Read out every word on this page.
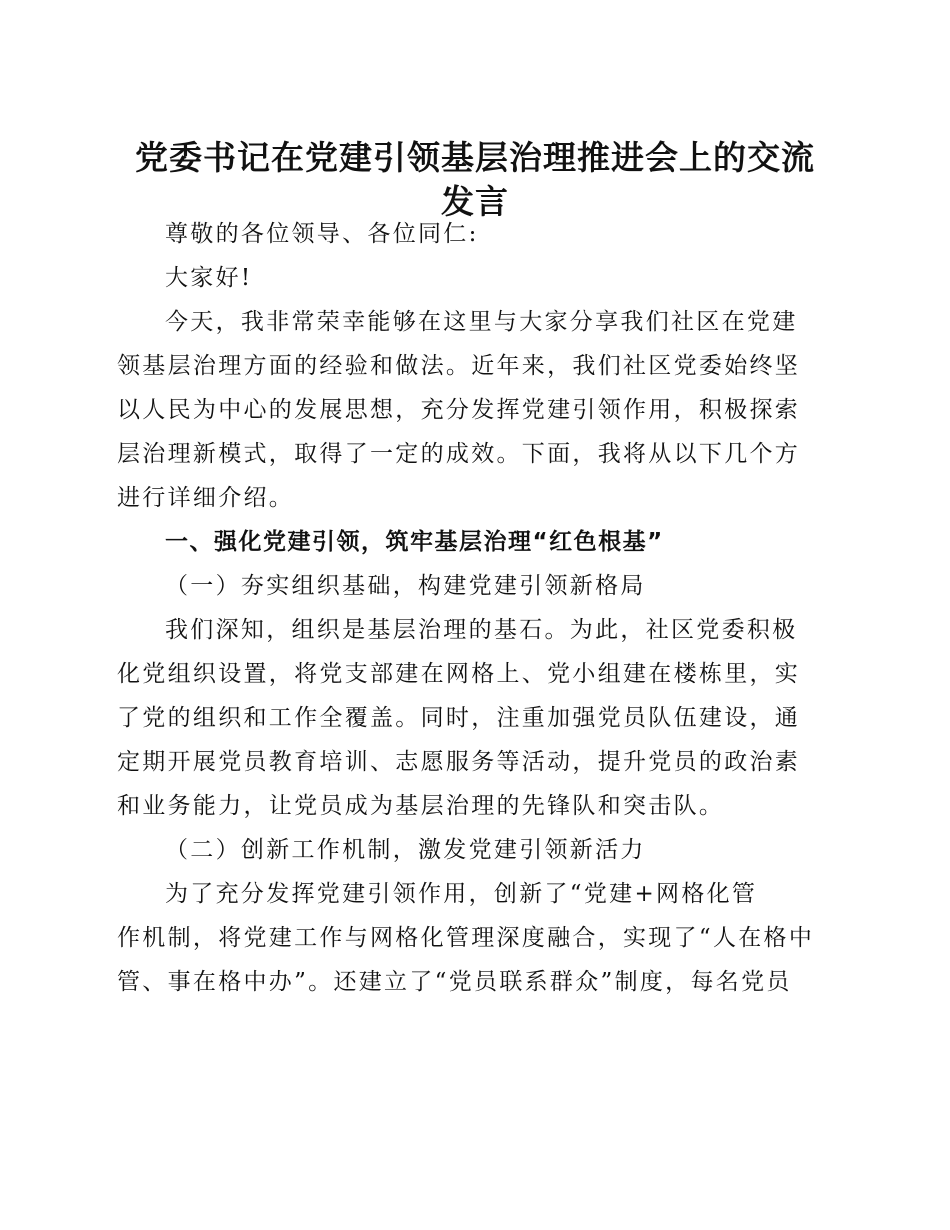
党委书记在党建引领基层治理推进会上的交流
发言
尊敬的各位领导、各位同仁:
大家好!
今天，我非常荣幸能够在这里与大家分享我们社区在党建
领基层治理方面的经验和做法。近年来，我们社区党委始终坚
以人民为中心的发展思想，充分发挥党建引领作用，积极探索
层治理新模式，取得了一定的成效。下面，我将从以下几个方
进行详细介绍。
一、强化党建引领，筑牢基层治理“红色根基”
（一）夯实组织基础，构建党建引领新格局
我们深知，组织是基层治理的基石。为此，社区党委积极
化党组织设置，将党支部建在网格上、党小组建在楼栋里，实
了党的组织和工作全覆盖。同时，注重加强党员队伍建设，通
定期开展党员教育培训、志愿服务等活动，提升党员的政治素
和业务能力，让党员成为基层治理的先锋队和突击队。
（二）创新工作机制，激发党建引领新活力
为了充分发挥党建引领作用，创新了“党建+网格化管
作机制，将党建工作与网格化管理深度融合，实现了“人在格中
管、事在格中办”。还建立了“党员联系群众”制度，每名党员
